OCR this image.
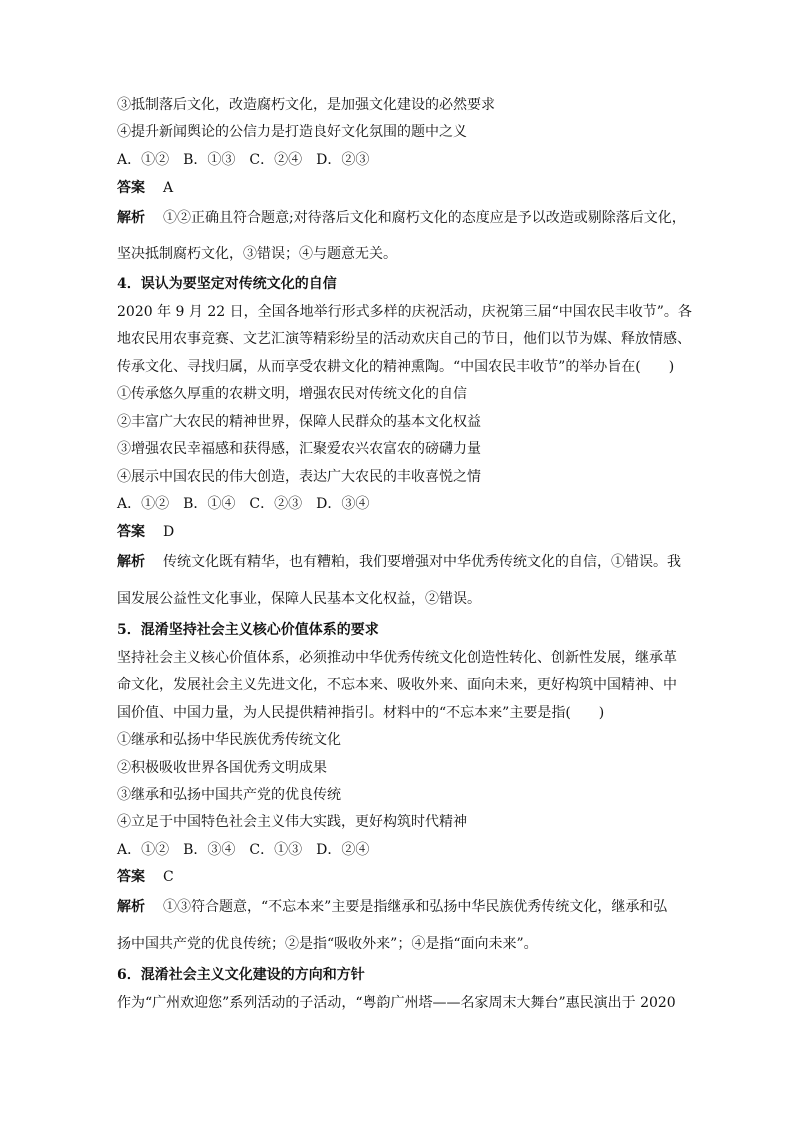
③抵制落后文化，改造腐朽文化，是加强文化建设的必然要求
④提升新闻舆论的公信力是打造良好文化氛围的题中之义
A．①②　B．①③　C．②④　D．②③
答案 A
解析 ①②正确且符合题意;对待落后文化和腐朽文化的态度应是予以改造或剔除落后文化，
坚决抵制腐朽文化，③错误；④与题意无关。
4．误认为要坚定对传统文化的自信
2020 年 9 月 22 日，全国各地举行形式多样的庆祝活动，庆祝第三届“中国农民丰收节”。各
地农民用农事竞赛、文艺汇演等精彩纷呈的活动欢庆自己的节日，他们以节为媒、释放情感、
传承文化、寻找归属，从而享受农耕文化的精神熏陶。“中国农民丰收节”的举办旨在(　　)
①传承悠久厚重的农耕文明，增强农民对传统文化的自信
②丰富广大农民的精神世界，保障人民群众的基本文化权益
③增强农民幸福感和获得感，汇聚爱农兴农富农的磅礴力量
④展示中国农民的伟大创造，表达广大农民的丰收喜悦之情
A．①②　B．①④　C．②③　D．③④
答案 D
解析 传统文化既有精华，也有糟粕，我们要增强对中华优秀传统文化的自信，①错误。我
国发展公益性文化事业，保障人民基本文化权益，②错误。
5．混淆坚持社会主义核心价值体系的要求
坚持社会主义核心价值体系，必须推动中华优秀传统文化创造性转化、创新性发展，继承革
命文化，发展社会主义先进文化，不忘本来、吸收外来、面向未来，更好构筑中国精神、中
国价值、中国力量，为人民提供精神指引。材料中的“不忘本来”主要是指(　　)
①继承和弘扬中华民族优秀传统文化
②积极吸收世界各国优秀文明成果
③继承和弘扬中国共产党的优良传统
④立足于中国特色社会主义伟大实践，更好构筑时代精神
A．①②　B．③④　C．①③　D．②④
答案 C
解析 ①③符合题意，“不忘本来”主要是指继承和弘扬中华民族优秀传统文化，继承和弘
扬中国共产党的优良传统；②是指“吸收外来”；④是指“面向未来”。
6．混淆社会主义文化建设的方向和方针
作为“广州欢迎您”系列活动的子活动，“粤韵广州塔——名家周末大舞台”惠民演出于 2020
